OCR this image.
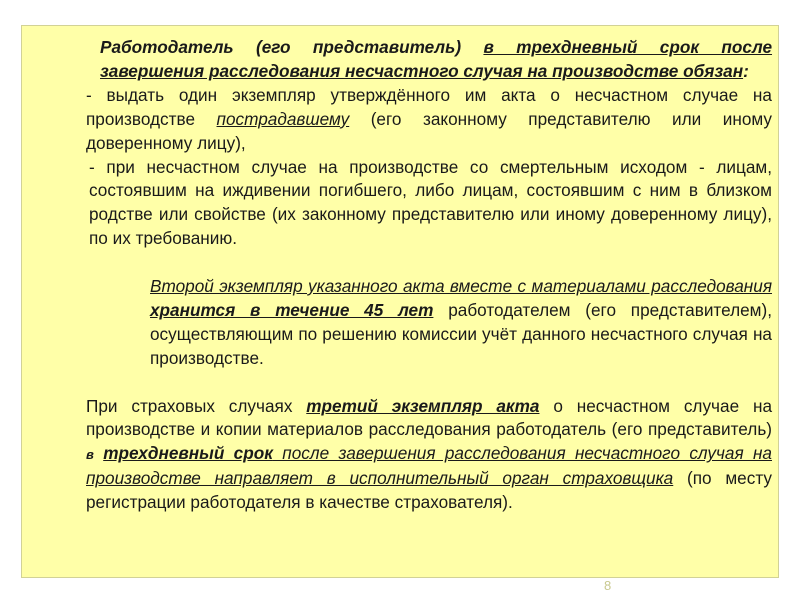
Работодатель (его представитель) в трехдневный срок после завершения расследования несчастного случая на производстве обязан:

- выдать один экземпляр утверждённого им акта о несчастном случае на производстве пострадавшему (его законному представителю или иному доверенному лицу),

- при несчастном случае на производстве со смертельным исходом - лицам, состоявшим на иждивении погибшего, либо лицам, состоявшим с ним в близком родстве или свойстве (их законному представителю или иному доверенному лицу), по их требованию.

Второй экземпляр указанного акта вместе с материалами расследования хранится в течение 45 лет работодателем (его представителем), осуществляющим по решению комиссии учёт данного несчастного случая на производстве.

При страховых случаях третий экземпляр акта о несчастном случае на производстве и копии материалов расследования работодатель (его представитель) в трехдневный срок после завершения расследования несчастного случая на производстве направляет в исполнительный орган страховщика (по месту регистрации работодателя в качестве страхователя).

8
